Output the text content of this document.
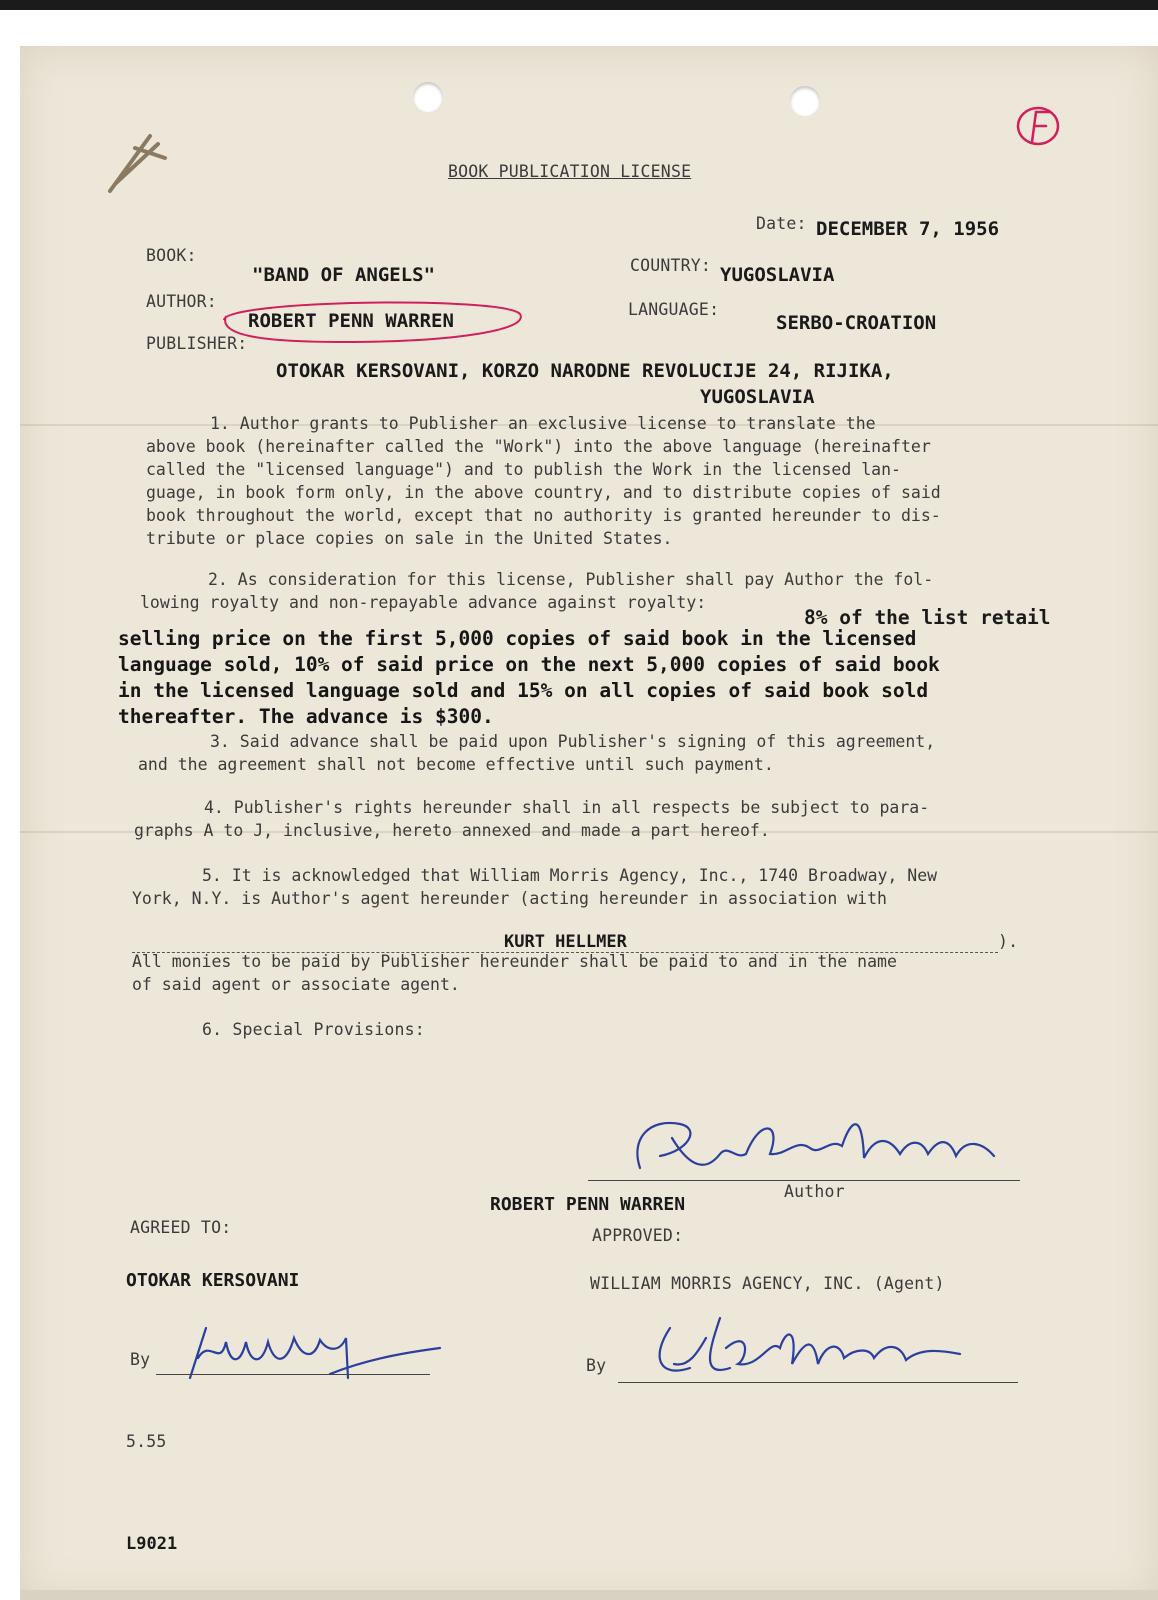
BOOK PUBLICATION LICENSE
Date: DECEMBER 7, 1956
BOOK:
"BAND OF ANGELS"	COUNTRY: YUGOSLAVIA
AUTHOR:
ROBERT PENN WARREN
LANGUAGE:
SERBO-CROATION
PUBLISHER:
OTOKAR KERSOVANI, KORZO NARODNE REVOLUCIJE 24, RIJIKA,
YUGOSLAVIA
1. Author grants to Publisher an exclusive license to translate the
above book (hereinafter called the "Work") into the above language (hereinafter
called the "licensed language") and to publish the Work in the licensed lan-
guage, in book form only, in the above country, and to distribute copies of said
book throughout the world, except that no authority is granted hereunder to dis-
tribute or place copies on sale in the United States.
2. As consideration for this license, Publisher shall pay Author the fol-
lowing royalty and non-repayable advance against royalty:
8% of the list retail
selling price on the first 5,000 copies of said book in the licensed
language sold, 10% of said price on the next 5,000 copies of said book
in the licensed language sold and 15% on all copies of said book sold
thereafter. The advance is $300.
3. Said advance shall be paid upon Publisher's signing of this agreement,
and the agreement shall not become effective until such payment.
4. Publisher's rights hereunder shall in all respects be subject to para-
graphs A to J, inclusive, hereto annexed and made a part hereof.
5. It is acknowledged that William Morris Agency, Inc., 1740 Broadway, New
York, N.Y. is Author's agent hereunder (acting hereunder in association with
KURT HELLMER	).
All monies to be paid by Publisher hereunder shall be paid to and in the name
of said agent or associate agent.
6. Special Provisions:
Author
ROBERT PENN WARREN
AGREED TO:	APPROVED:
OTOKAR KERSOVANI	WILLIAM MORRIS AGENCY, INC. (Agent)
By	By
5.55
L9021
